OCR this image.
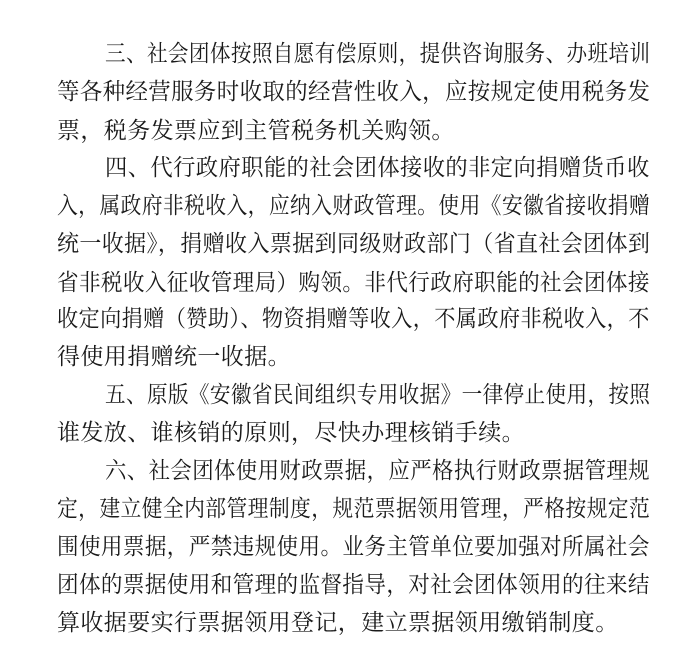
三、社会团体按照自愿有偿原则，提供咨询服务、办班培训
等各种经营服务时收取的经营性收入，应按规定使用税务发
票，税务发票应到主管税务机关购领。
四、代行政府职能的社会团体接收的非定向捐赠货币收
入，属政府非税收入，应纳入财政管理。使用《安徽省接收捐赠
统一收据》，捐赠收入票据到同级财政部门（省直社会团体到
省非税收入征收管理局）购领。非代行政府职能的社会团体接
收定向捐赠（赞助）、物资捐赠等收入，不属政府非税收入，不
得使用捐赠统一收据。
五、原版《安徽省民间组织专用收据》一律停止使用，按照
谁发放、谁核销的原则，尽快办理核销手续。
六、社会团体使用财政票据，应严格执行财政票据管理规
定，建立健全内部管理制度，规范票据领用管理，严格按规定范
围使用票据，严禁违规使用。业务主管单位要加强对所属社会
团体的票据使用和管理的监督指导，对社会团体领用的往来结
算收据要实行票据领用登记，建立票据领用缴销制度。
